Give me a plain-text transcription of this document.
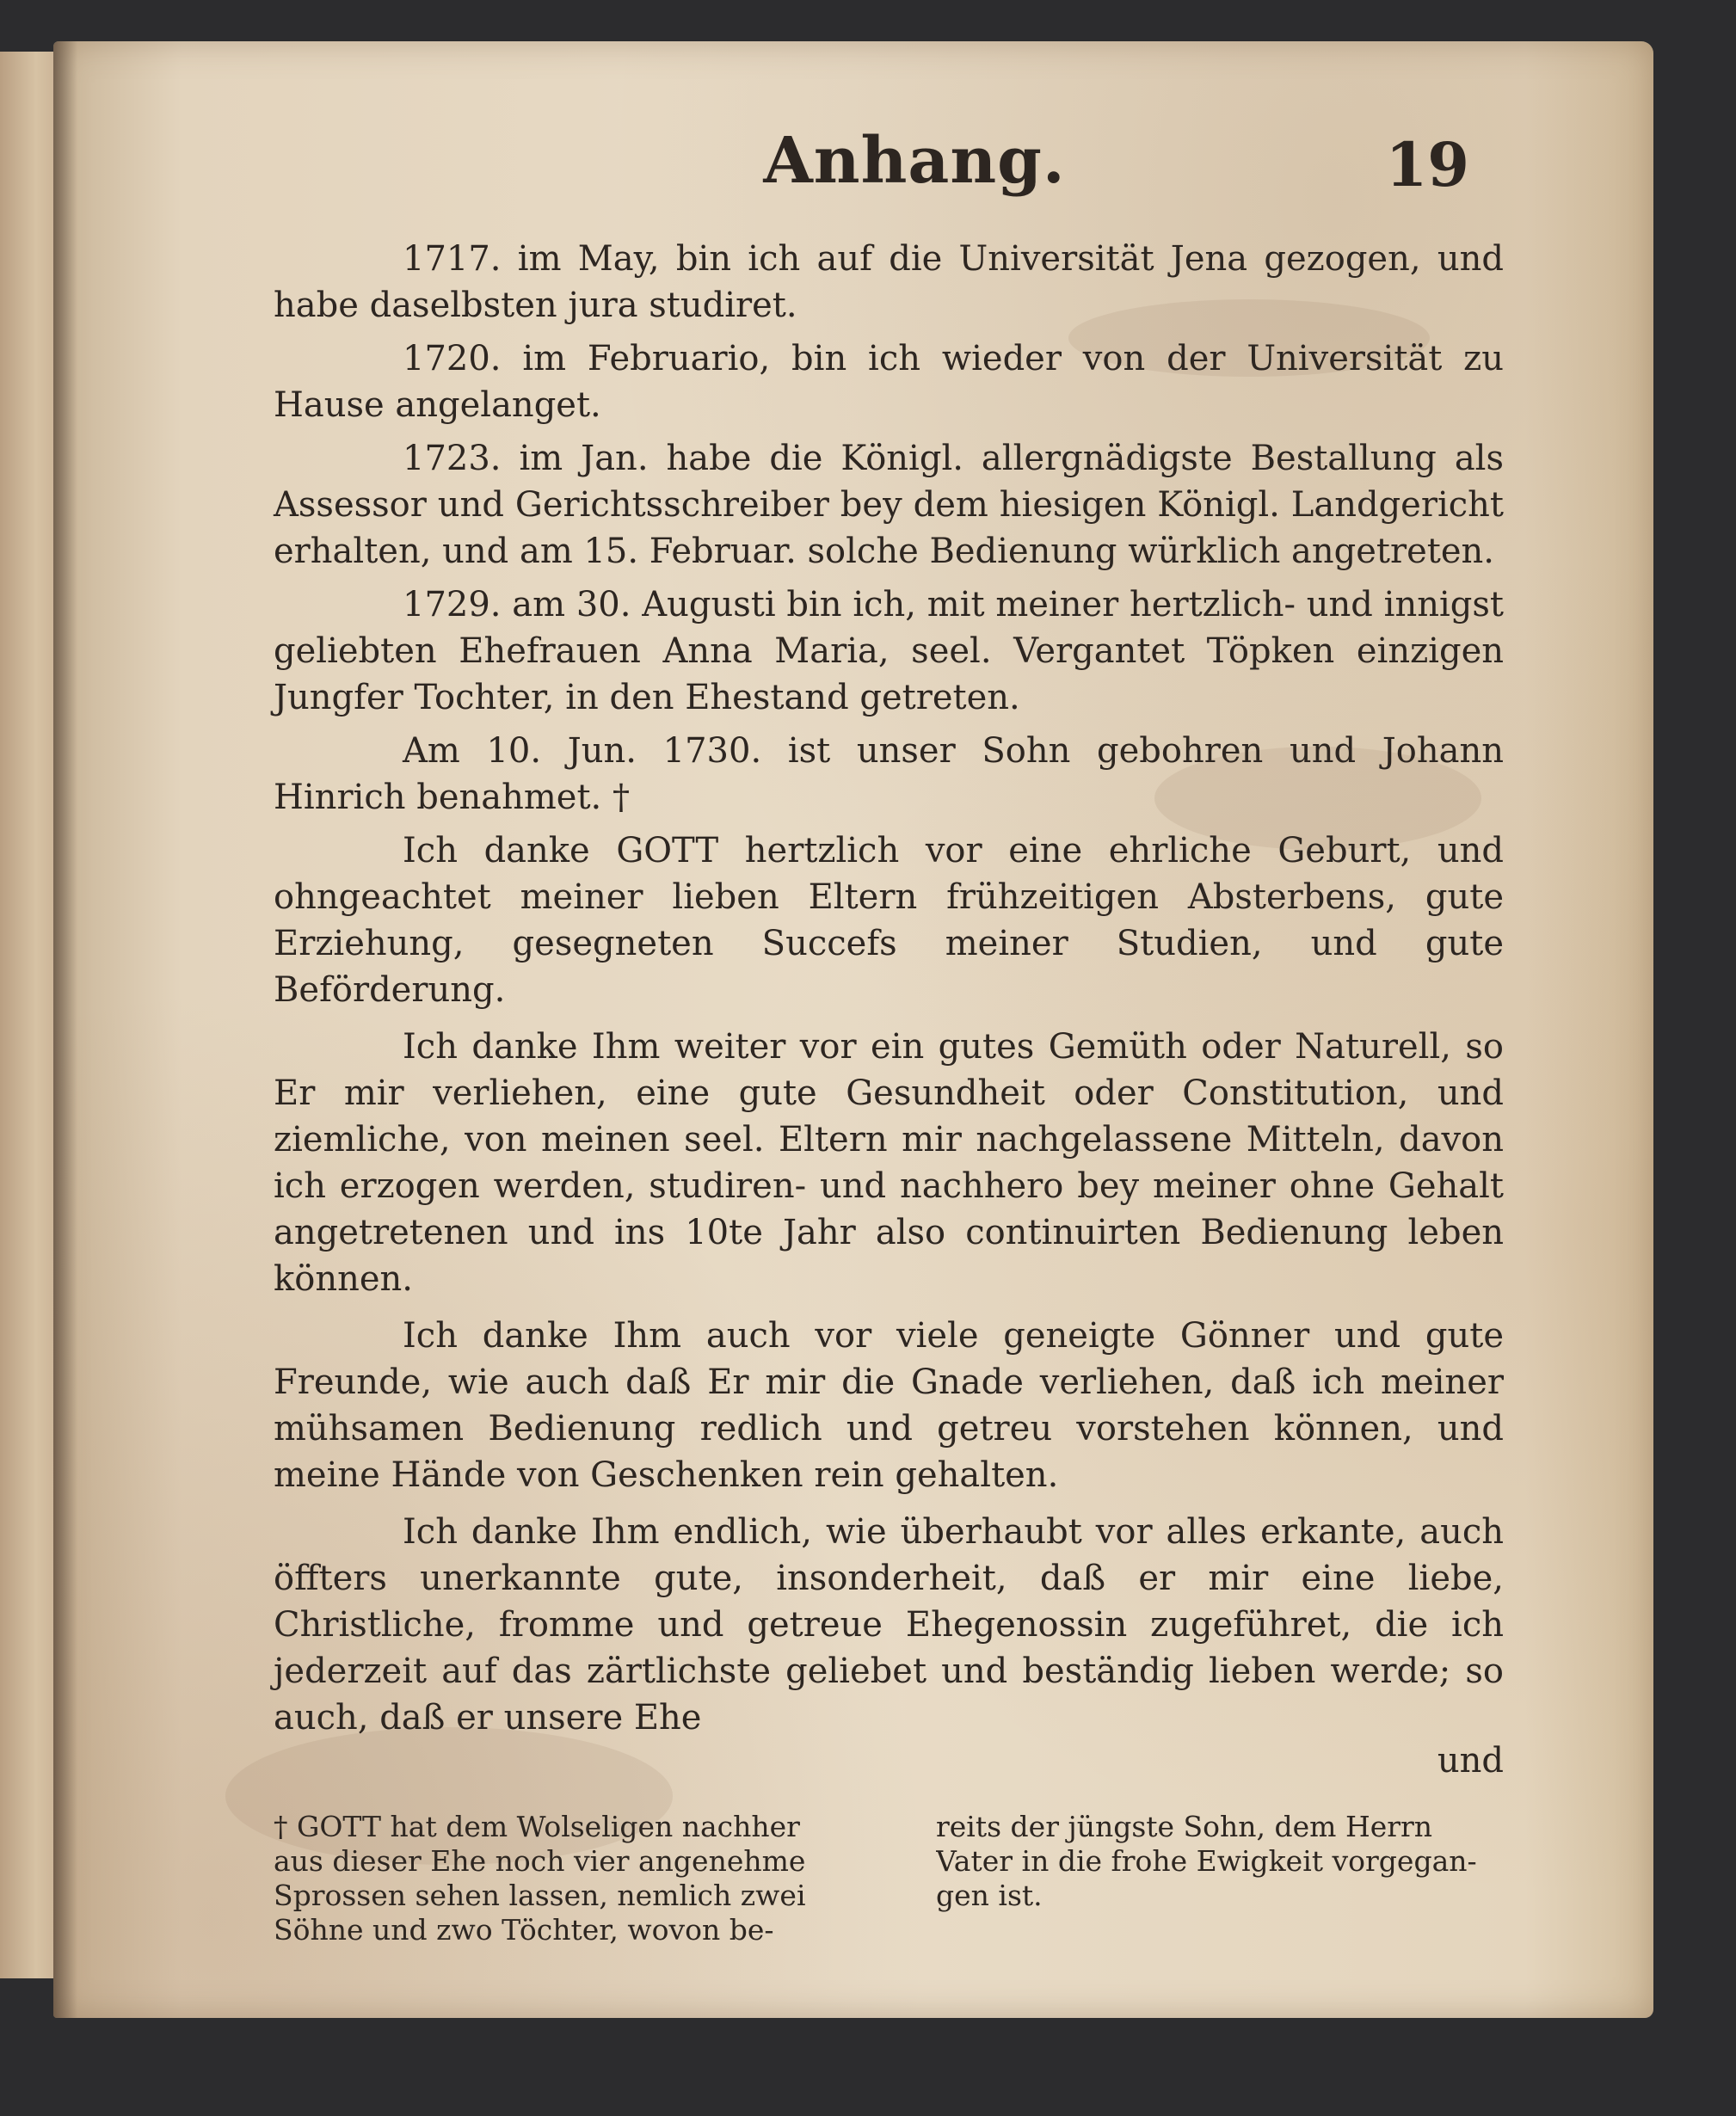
Anhang.	19

1717. im May, bin ich auf die Universität Jena gezogen, und habe daselbsten jura studiret.

1720. im Februario, bin ich wieder von der Universität zu Hause angelanget.

1723. im Jan. habe die Königl. allergnädigste Bestallung als Assessor und Gerichtsschreiber bey dem hiesigen Königl. Landgericht erhalten, und am 15. Februar. solche Bedienung würklich angetreten.

1729. am 30. Augusti bin ich, mit meiner hertzlich- und innigst geliebten Ehefrauen Anna Maria, seel. Vergantet Töpken einzigen Jungfer Tochter, in den Ehestand getreten.

Am 10. Jun. 1730. ist unser Sohn gebohren und Johann Hinrich benahmet. †

Ich danke GOTT hertzlich vor eine ehrliche Geburt, und ohngeachtet meiner lieben Eltern frühzeitigen Absterbens, gute Erziehung, gesegneten Succefs meiner Studien, und gute Beförderung.

Ich danke Ihm weiter vor ein gutes Gemüth oder Naturell, so Er mir verliehen, eine gute Gesundheit oder Constitution, und ziemliche, von meinen seel. Eltern mir nachgelassene Mitteln, davon ich erzogen werden, studiren- und nachhero bey meiner ohne Gehalt angetretenen und ins 10te Jahr also continuirten Bedienung leben können.

Ich danke Ihm auch vor viele geneigte Gönner und gute Freunde, wie auch daß Er mir die Gnade verliehen, daß ich meiner mühsamen Bedienung redlich und getreu vorstehen können, und meine Hände von Geschenken rein gehalten.

Ich danke Ihm endlich, wie überhaubt vor alles erkante, auch öffters unerkannte gute, insonderheit, daß er mir eine liebe, Christliche, fromme und getreue Ehegenossin zugeführet, die ich jederzeit auf das zärtlichste geliebet und beständig lieben werde; so auch, daß er unsere Ehe

und
† GOTT hat dem Wolseligen nachher
aus dieser Ehe noch vier angenehme
Sprossen sehen lassen, nemlich zwei
Söhne und zwo Töchter, wovon be-
reits der jüngste Sohn, dem Herrn
Vater in die frohe Ewigkeit vorgegan-
gen ist.
